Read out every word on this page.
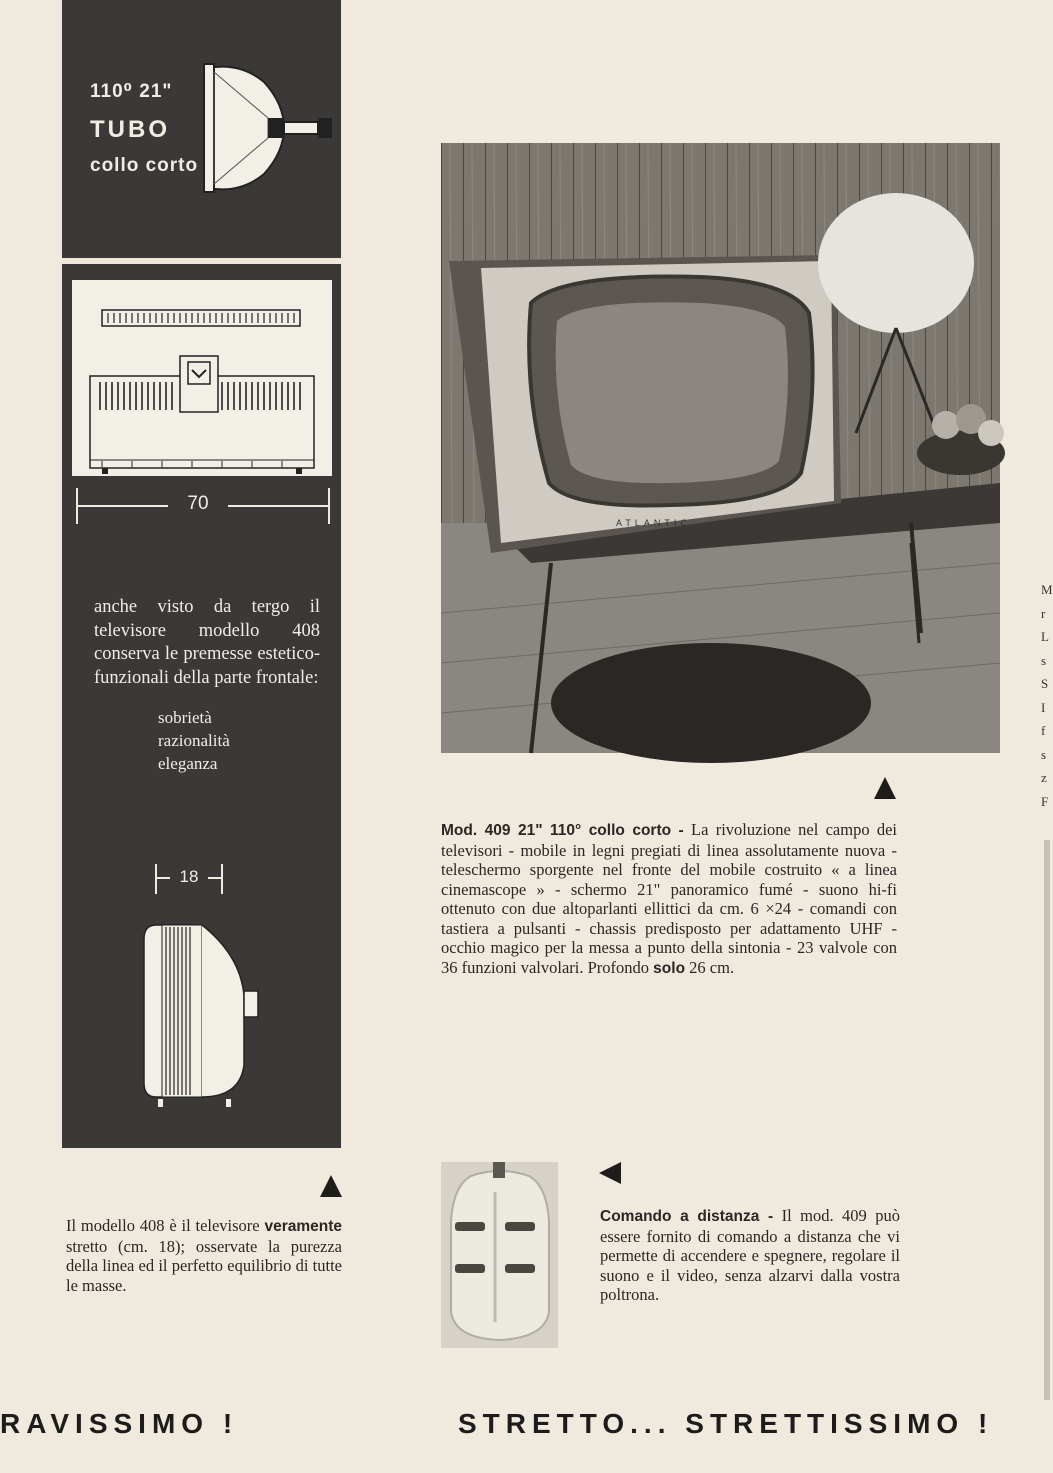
110⁰ 21"
TUBO
collo corto
70
anche visto da tergo il televisore modello 408 conserva le premesse estetico-funzionali della parte frontale:
sobrietà
razionalità
eleganza
18
ATLANTIC
Mod. 409 21" 110° collo corto - La rivoluzione nel campo dei televisori - mobile in legni pregiati di linea assolutamente nuova - teleschermo sporgente nel fronte del mobile costruito « a linea cinemascope » - schermo 21" panoramico fumé - suono hi-fi ottenuto con due altoparlanti ellittici da cm. 6 ×24 - comandi con tastiera a pulsanti - chassis predisposto per adattamento UHF - occhio magico per la messa a punto della sintonia - 23 valvole con 36 funzioni valvolari. Profondo solo 26 cm.
Il modello 408 è il televisore veramente stretto (cm. 18); osservate la purezza della linea ed il perfetto equilibrio di tutte le masse.
Comando a distanza - Il mod. 409 può essere fornito di comando a distanza che vi permette di accendere e spegnere, regolare il suono e il video, senza alzarvi dalla vostra poltrona.
RAVISSIMO !	STRETTO... STRETTISSIMO !
M
r
L
s
S
I
f
s
z
F
